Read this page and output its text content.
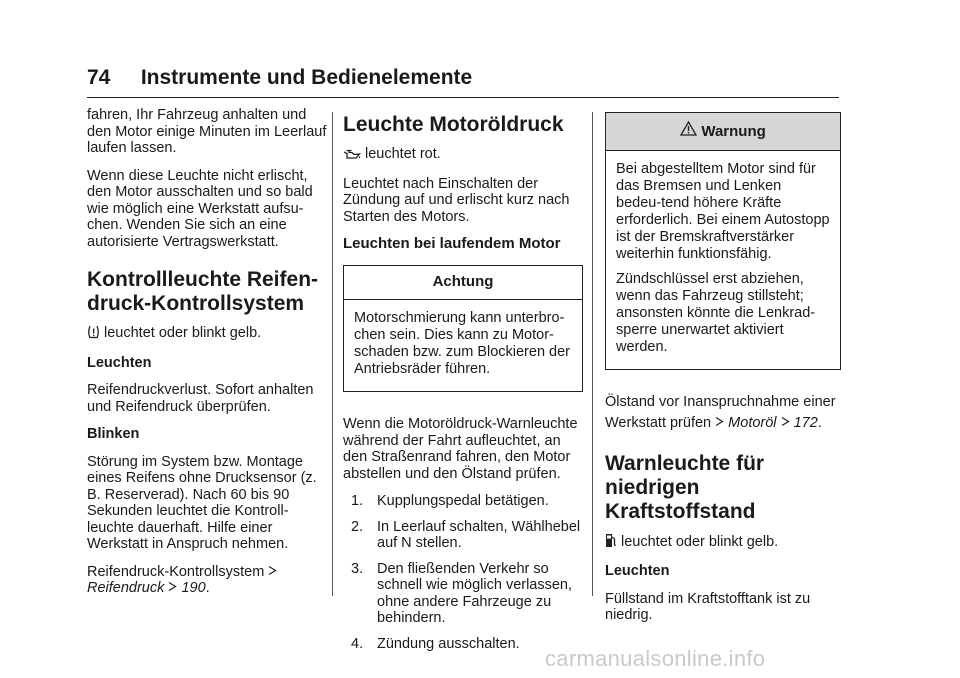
74 Instrumente und Bedienelemente

fahren, Ihr Fahrzeug anhalten und den Motor einige Minuten im Leerlauf laufen lassen.

Wenn diese Leuchte nicht erlischt, den Motor ausschalten und so bald wie möglich eine Werkstatt aufsu-chen. Wenden Sie sich an eine autorisierte Vertragswerkstatt.

Kontrollleuchte Reifen-
druck-Kontrollsystem

leuchtet oder blinkt gelb.

Leuchten

Reifendruckverlust. Sofort anhalten und Reifendruck überprüfen.

Blinken

Störung im System bzw. Montage eines Reifens ohne Drucksensor (z. B. Reserverad). Nach 60 bis 90 Sekunden leuchtet die Kontroll-leuchte dauerhaft. Hilfe einer Werkstatt in Anspruch nehmen.

Reifendruck-Kontrollsystem
Reifendruck 190.

Leuchte Motoröldruck

leuchtet rot.

Leuchtet nach Einschalten der Zündung auf und erlischt kurz nach Starten des Motors.

Leuchten bei laufendem Motor
Achtung

Motorschmierung kann unterbro-chen sein. Dies kann zu Motor-schaden bzw. zum Blockieren der Antriebsräder führen.

Wenn die Motoröldruck-Warnleuchte während der Fahrt aufleuchtet, an den Straßenrand fahren, den Motor abstellen und den Ölstand prüfen.

1. Kupplungspedal betätigen.
2. In Leerlauf schalten, Wählhebel auf N stellen.
3. Den fließenden Verkehr so schnell wie möglich verlassen, ohne andere Fahrzeuge zu behindern.
4. Zündung ausschalten.
Warnung

Bei abgestelltem Motor sind für das Bremsen und Lenken bedeu-tend höhere Kräfte erforderlich. Bei einem Autostopp ist der Bremskraftverstärker weiterhin funktionsfähig.

Zündschlüssel erst abziehen, wenn das Fahrzeug stillsteht; ansonsten könnte die Lenkrad-sperre unerwartet aktiviert werden.

Ölstand vor Inanspruchnahme einer Werkstatt prüfen Motoröl 172.

Warnleuchte für niedrigen
Kraftstoffstand

leuchtet oder blinkt gelb.

Leuchten

Füllstand im Kraftstofftank ist zu niedrig.

carmanualsonline.info
